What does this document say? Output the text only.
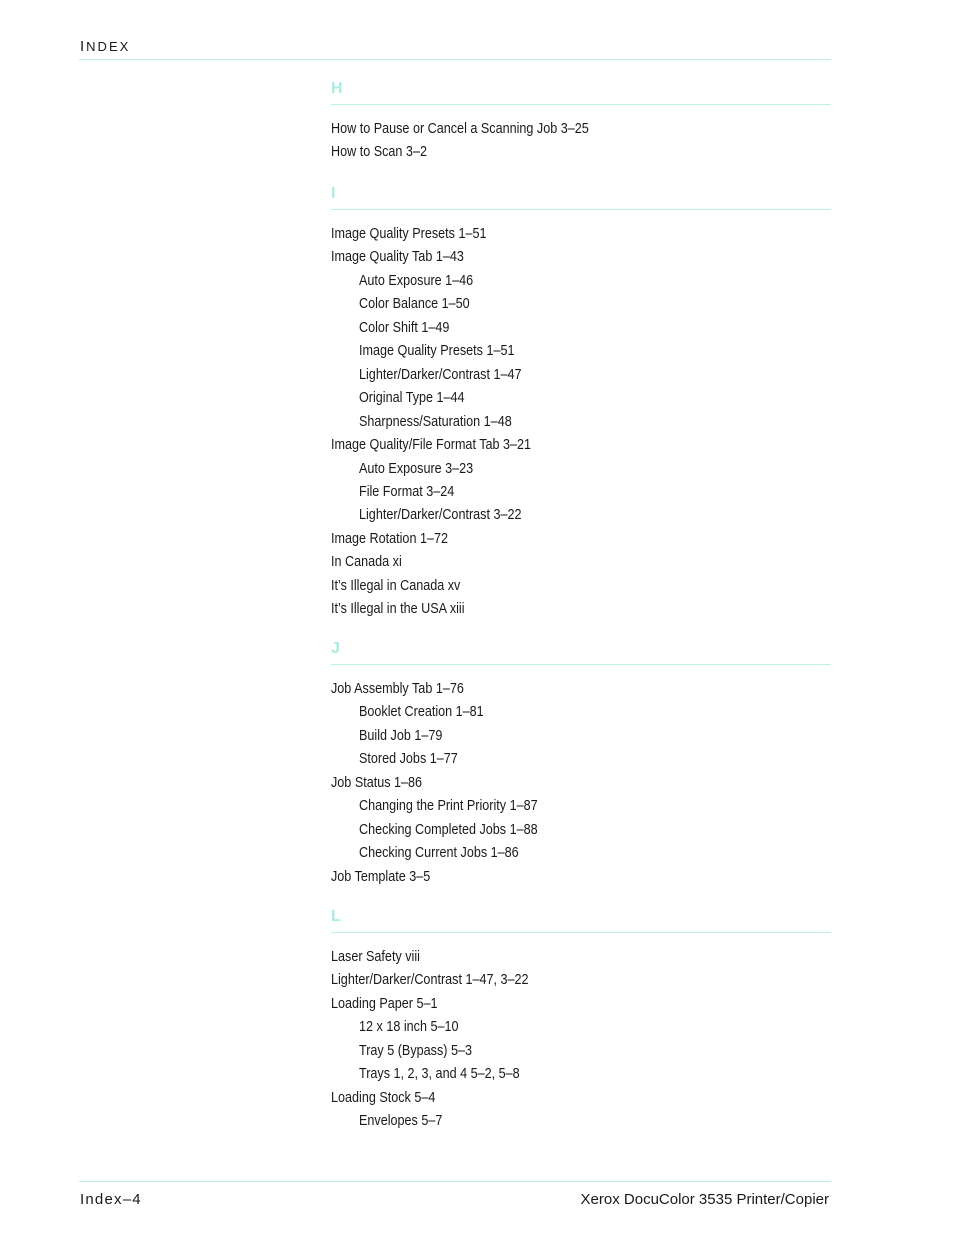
INDEX
H
How to Pause or Cancel a Scanning Job 3–25
How to Scan 3–2
I
Image Quality Presets 1–51
Image Quality Tab 1–43
Auto Exposure 1–46
Color Balance 1–50
Color Shift 1–49
Image Quality Presets 1–51
Lighter/Darker/Contrast 1–47
Original Type 1–44
Sharpness/Saturation 1–48
Image Quality/File Format Tab 3–21
Auto Exposure 3–23
File Format 3–24
Lighter/Darker/Contrast 3–22
Image Rotation 1–72
In Canada xi
It’s Illegal in Canada xv
It’s Illegal in the USA xiii
J
Job Assembly Tab 1–76
Booklet Creation 1–81
Build Job 1–79
Stored Jobs 1–77
Job Status 1–86
Changing the Print Priority 1–87
Checking Completed Jobs 1–88
Checking Current Jobs 1–86
Job Template 3–5
L
Laser Safety viii
Lighter/Darker/Contrast 1–47, 3–22
Loading Paper 5–1
12 x 18 inch 5–10
Tray 5 (Bypass) 5–3
Trays 1, 2, 3, and 4 5–2, 5–8
Loading Stock 5–4
Envelopes 5–7
Index–4	Xerox DocuColor 3535 Printer/Copier
